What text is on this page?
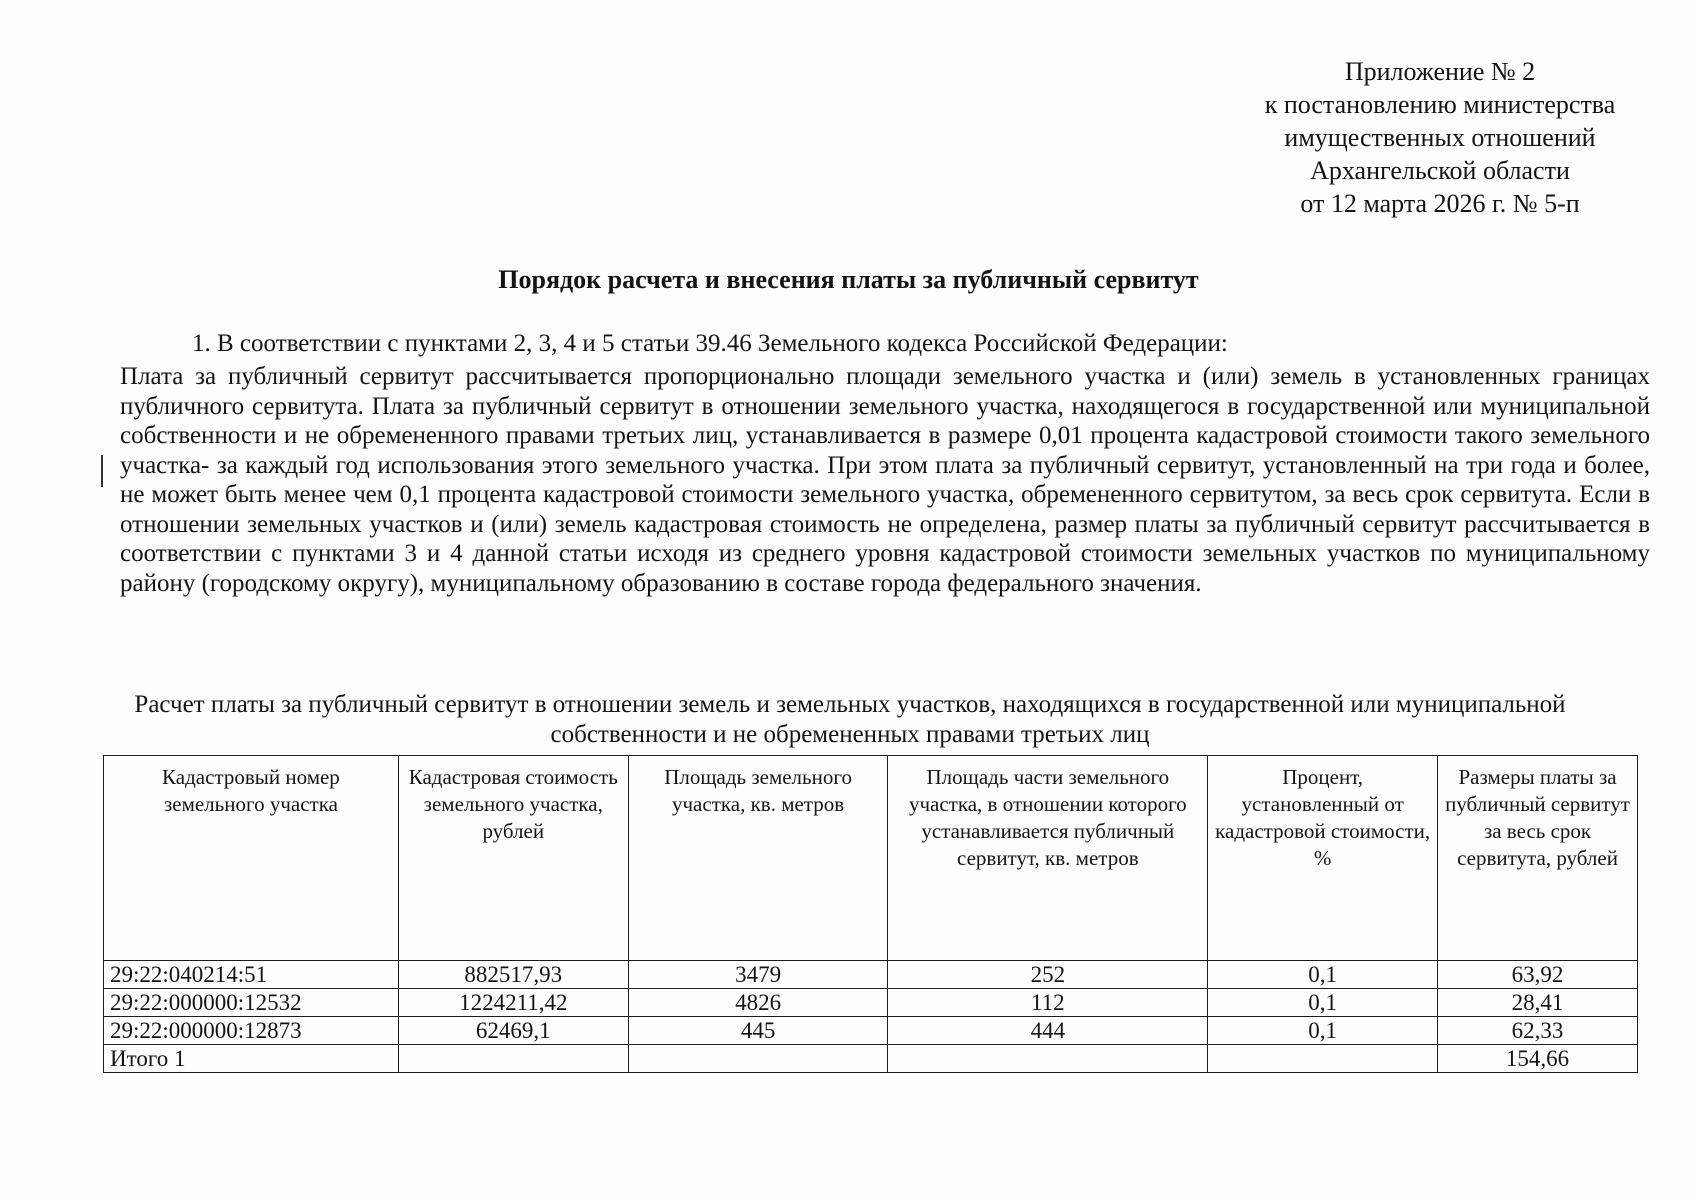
Приложение № 2
к постановлению министерства
имущественных отношений
Архангельской области
от 12 марта 2026 г. № 5-п
Порядок расчета и внесения платы за публичный сервитут
1. В соответствии с пунктами 2, 3, 4 и 5 статьи 39.46 Земельного кодекса Российской Федерации:
Плата за публичный сервитут рассчитывается пропорционально площади земельного участка и (или) земель в установленных границах публичного сервитута. Плата за публичный сервитут в отношении земельного участка, находящегося в государственной или муниципальной собственности и не обремененного правами третьих лиц, устанавливается в размере 0,01 процента кадастровой стоимости такого земельного участка- за каждый год использования этого земельного участка. При этом плата за публичный сервитут, установленный на три года и более, не может быть менее чем 0,1 процента кадастровой стоимости земельного участка, обремененного сервитутом, за весь срок сервитута. Если в отношении земельных участков и (или) земель кадастровая стоимость не определена, размер платы за публичный сервитут рассчитывается в соответствии с пунктами 3 и 4 данной статьи исходя из среднего уровня кадастровой стоимости земельных участков по муниципальному району (городскому округу), муниципальному образованию в составе города федерального значения.
Расчет платы за публичный сервитут в отношении земель и земельных участков, находящихся в государственной или муниципальной собственности и не обремененных правами третьих лиц
Кадастровый номер земельного участка	Кадастровая стоимость земельного участка, рублей	Площадь земельного участка, кв. метров	Площадь части земельного участка, в отношении которого устанавливается публичный сервитут, кв. метров	Процент, установленный от кадастровой стоимости, %	Размеры платы за публичный сервитут за весь срок сервитута, рублей
29:22:040214:51	882517,93	3479	252	0,1	63,92
29:22:000000:12532	1224211,42	4826	112	0,1	28,41
29:22:000000:12873	62469,1	445	444	0,1	62,33
Итого 1					154,66
